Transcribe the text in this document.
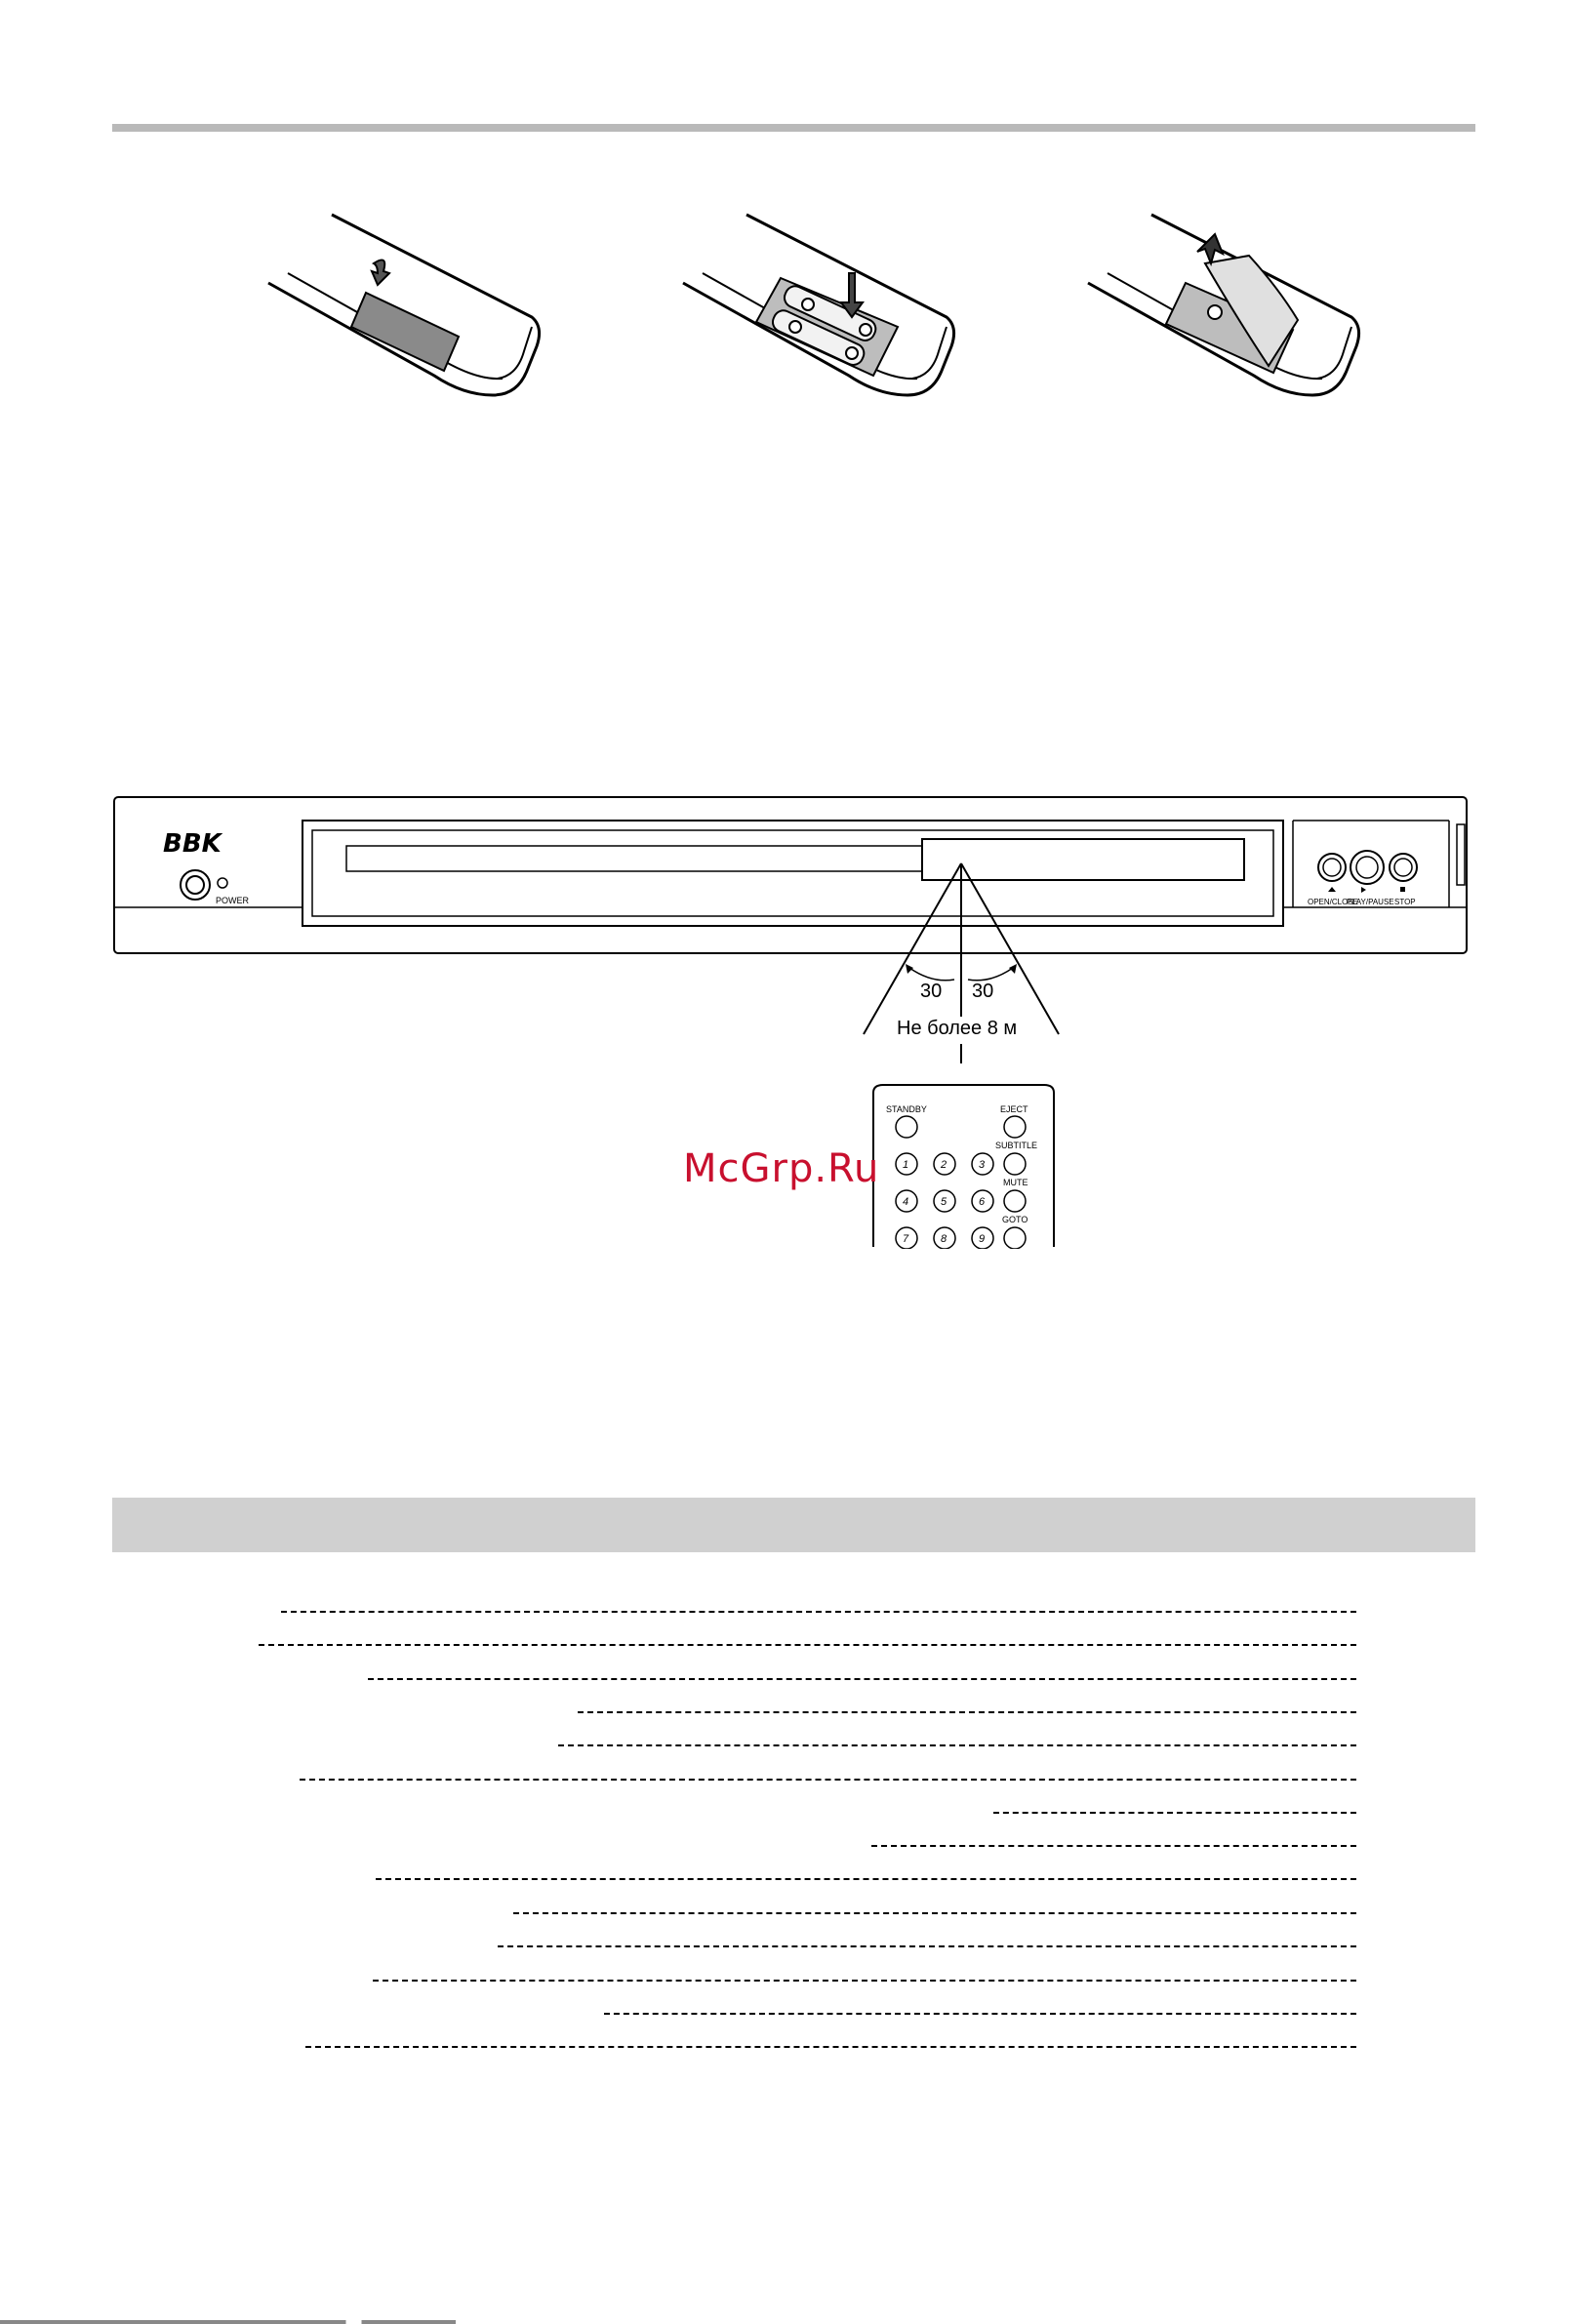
BBK
POWER	OPEN/CLOSE
PLAY/PAUSE STOP
30 30
Не более 8 м
STANDBY	EJECT
SUBTITLE
MUTE
GOTO
1	2	3
4	5	6
7	8	9
McGrp.Ru
